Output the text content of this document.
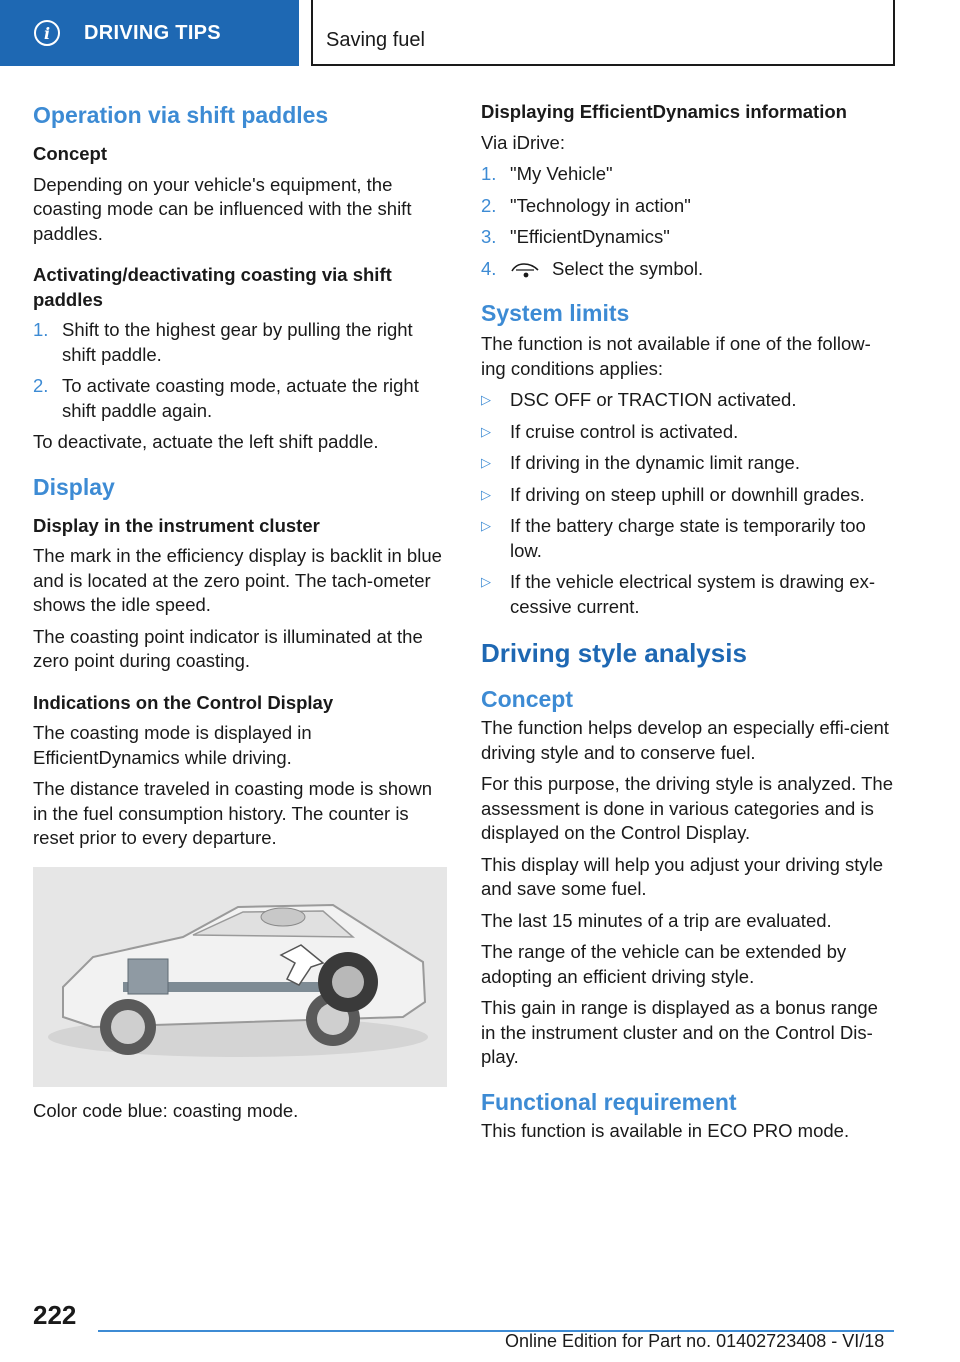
i	DRIVING TIPS	Saving fuel
Operation via shift paddles
Concept

Depending on your vehicle's equipment, the coasting mode can be influenced with the shift paddles.

Activating/deactivating coasting via shift paddles
1. Shift to the highest gear by pulling the right shift paddle.
2. To activate coasting mode, actuate the right shift paddle again.

To deactivate, actuate the left shift paddle.

Display
Display in the instrument cluster

The mark in the efficiency display is backlit in blue and is located at the zero point. The tach-ometer shows the idle speed.

The coasting point indicator is illuminated at the zero point during coasting.

Indications on the Control Display

The coasting mode is displayed in EfficientDynamics while driving.

The distance traveled in coasting mode is shown in the fuel consumption history. The counter is reset prior to every departure.

Color code blue: coasting mode.

Displaying EfficientDynamics information

Via iDrive:

1. "My Vehicle"
2. "Technology in action"
3. "EfficientDynamics"
4.	Select the symbol.
System limits

The function is not available if one of the follow-ing conditions applies:

▷	DSC OFF or TRACTION activated.
▷	If cruise control is activated.
▷	If driving in the dynamic limit range.
▷	If driving on steep uphill or downhill grades.
▷	If the battery charge state is temporarily too low.
▷	If the vehicle electrical system is drawing ex-cessive current.
Driving style analysis
Concept

The function helps develop an especially effi-cient driving style and to conserve fuel.

For this purpose, the driving style is analyzed. The assessment is done in various categories and is displayed on the Control Display.

This display will help you adjust your driving style and save some fuel.

The last 15 minutes of a trip are evaluated.

The range of the vehicle can be extended by adopting an efficient driving style.

This gain in range is displayed as a bonus range in the instrument cluster and on the Control Dis-play.

Functional requirement

This function is available in ECO PRO mode.

222
Online Edition for Part no. 01402723408 - VI/18
